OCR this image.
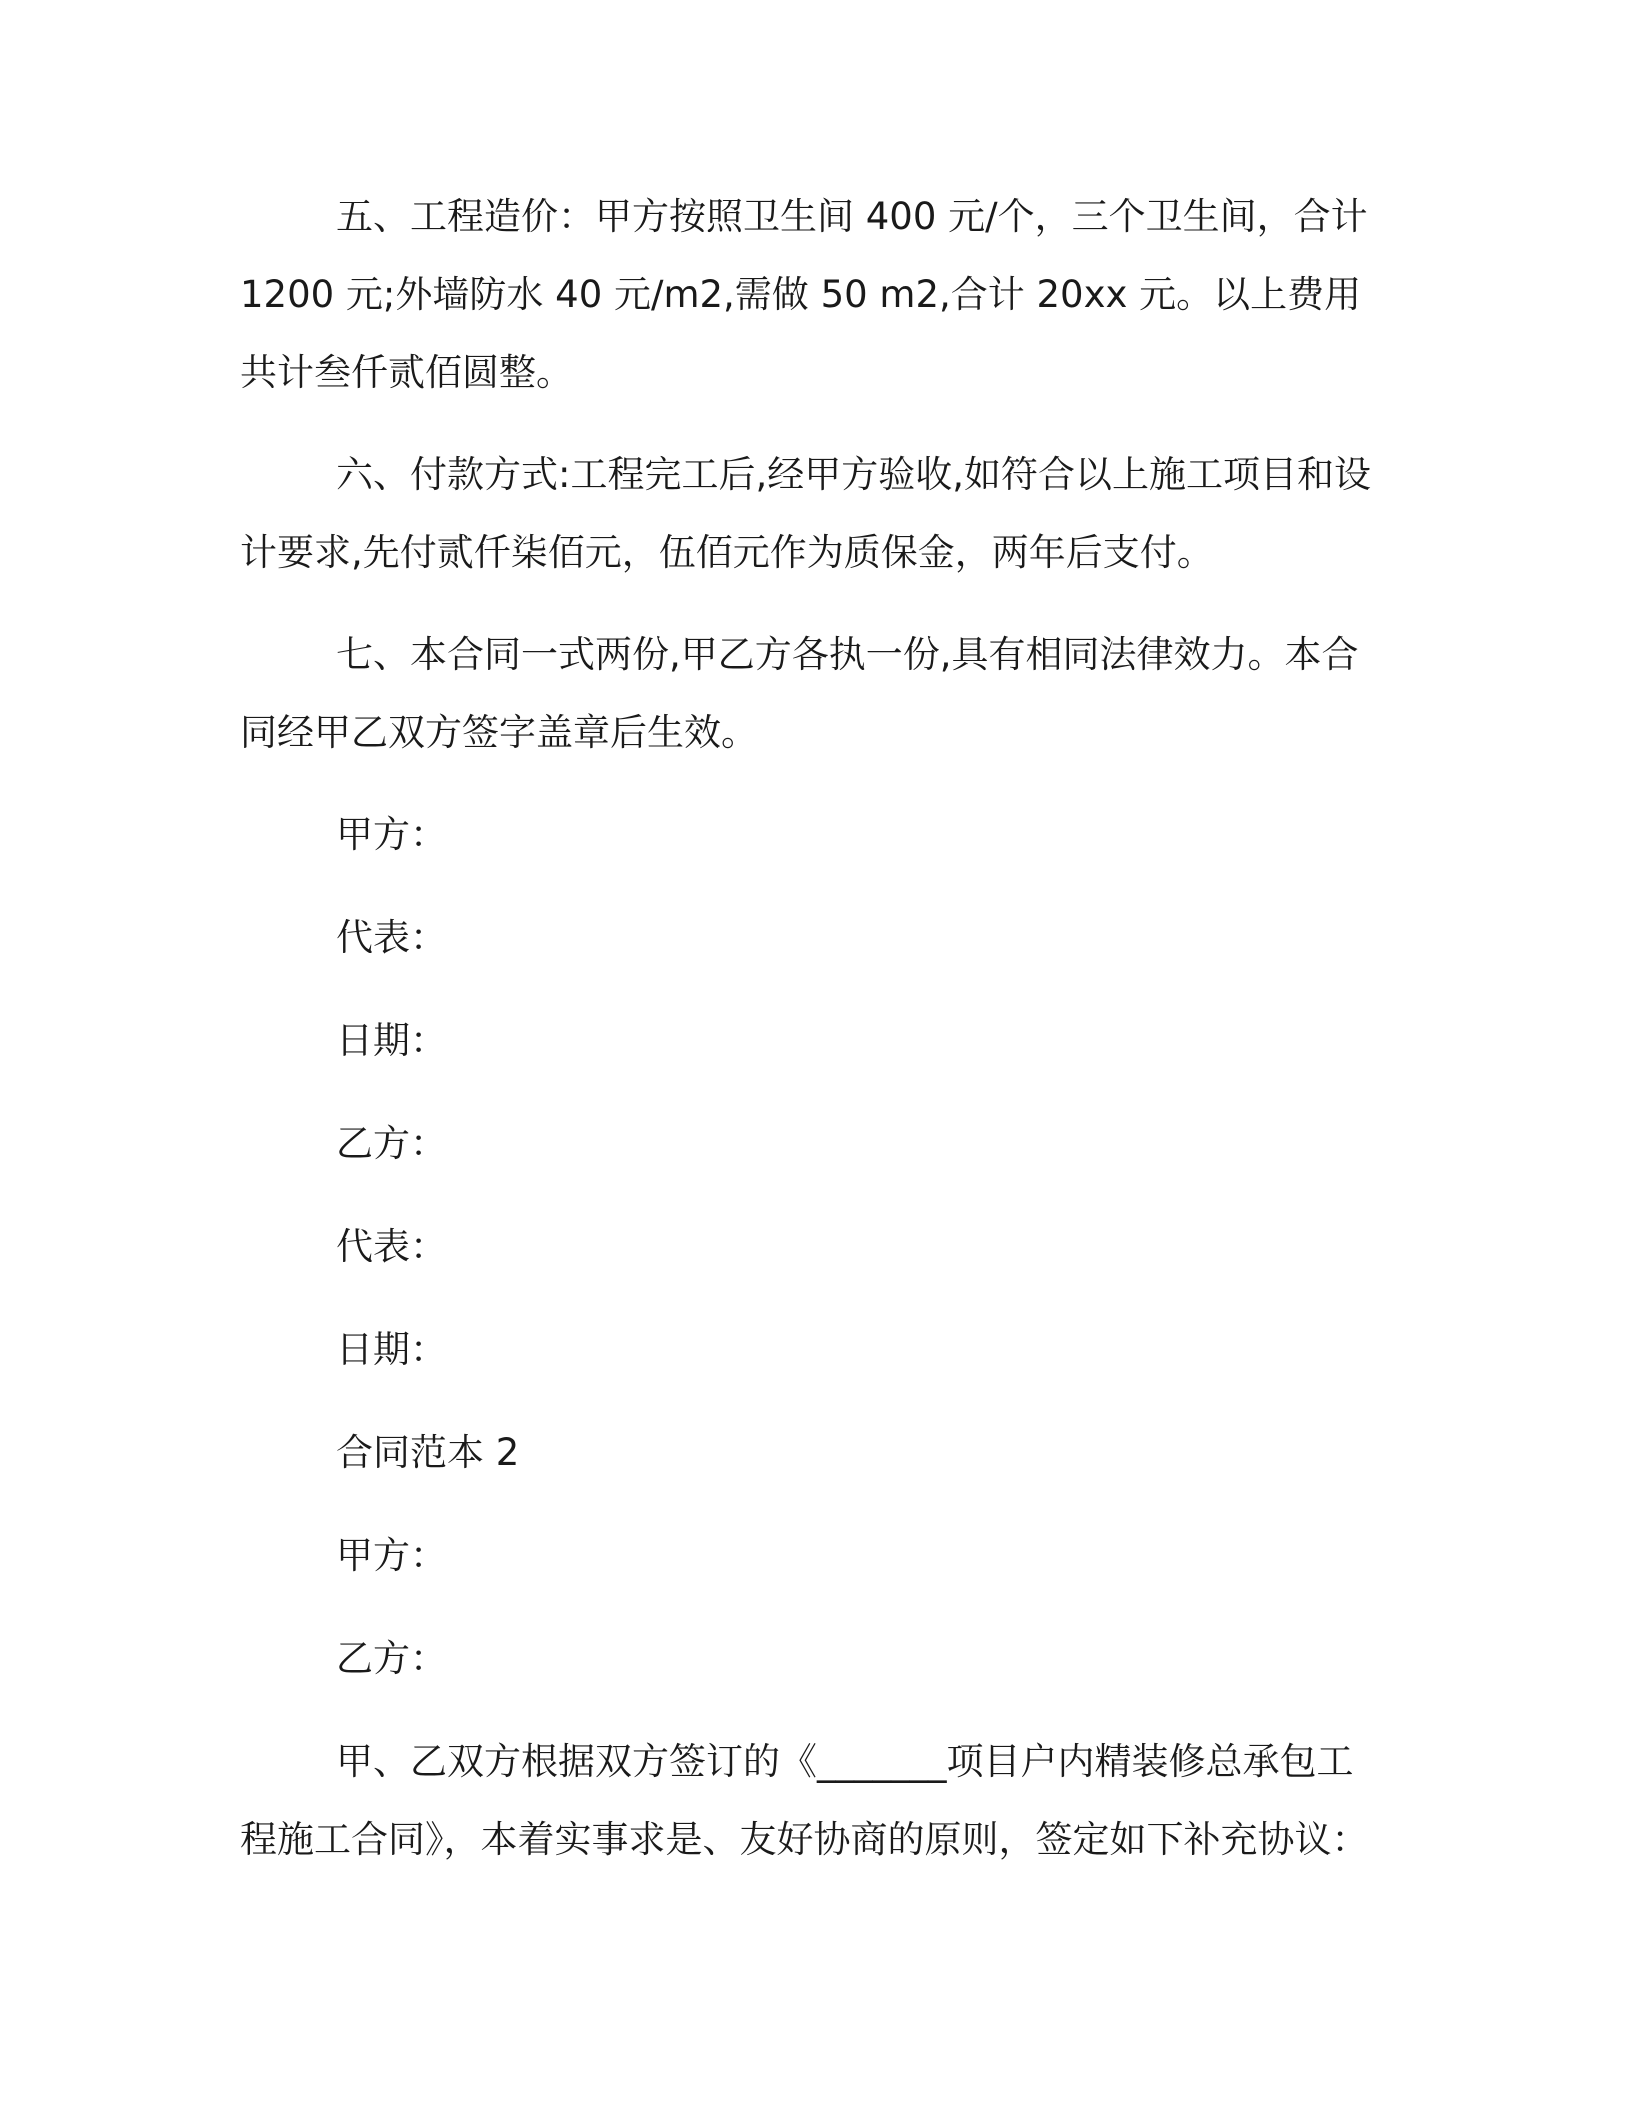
五、工程造价：甲方按照卫生间 400 元/个，三个卫生间，合计 1200 元;外墙防水 40 元/m2,需做 50 m2,合计 20xx 元。以上费用共计叁仟贰佰圆整。

六、付款方式:工程完工后,经甲方验收,如符合以上施工项目和设计要求,先付贰仟柒佰元，伍佰元作为质保金，两年后支付。

七、本合同一式两份,甲乙方各执一份,具有相同法律效力。本合同经甲乙双方签字盖章后生效。

甲方：

代表：

日期：

乙方：

代表：

日期：

合同范本 2

甲方：

乙方：

甲、乙双方根据双方签订的《_______项目户内精装修总承包工程施工合同》，本着实事求是、友好协商的原则，签定如下补充协议：
